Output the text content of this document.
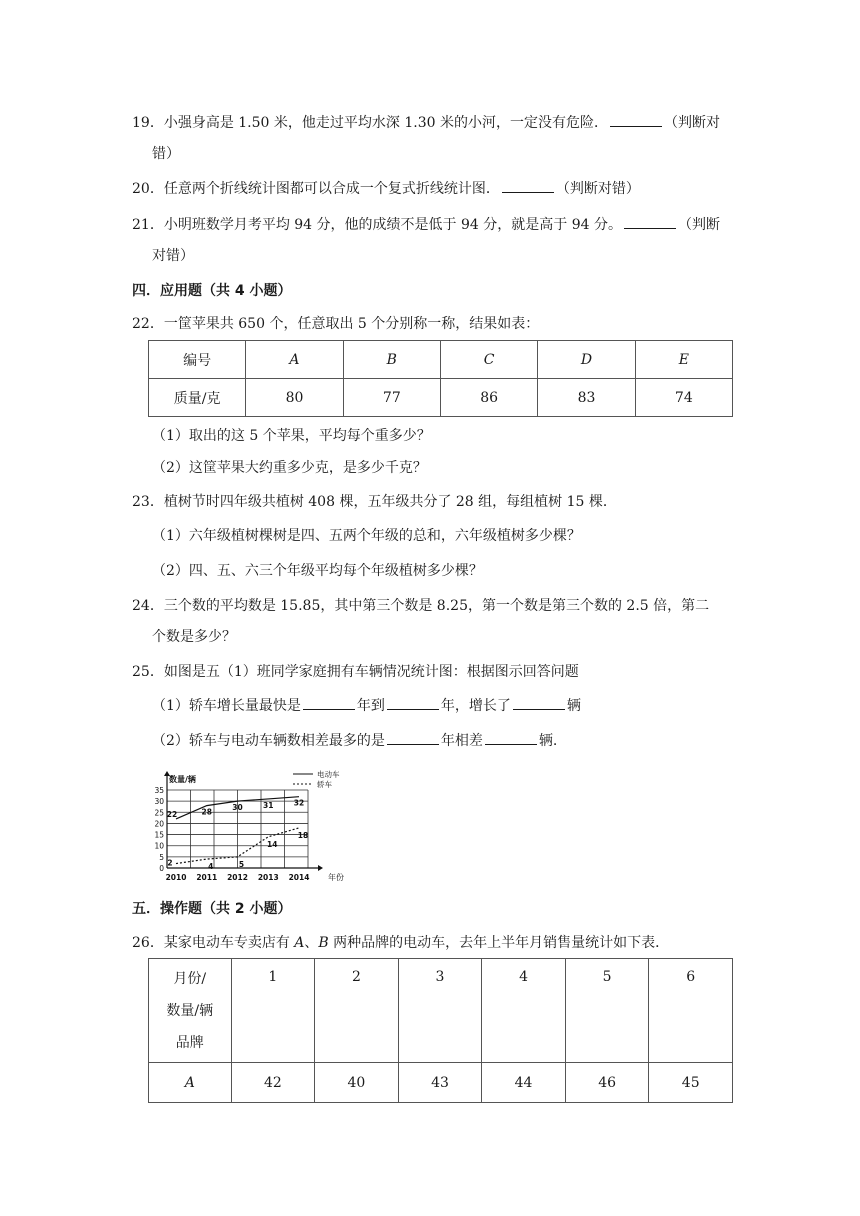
19．小强身高是 1.50 米，他走过平均水深 1.30 米的小河，一定没有危险．	（判断对
错）
20．任意两个折线统计图都可以合成一个复式折线统计图．	（判断对错）
21．小明班数学月考平均 94 分，他的成绩不是低于 94 分，就是高于 94 分。	（判断
对错）
四．应用题（共 4 小题）
22．一筐苹果共 650 个，任意取出 5 个分别称一称，结果如表：
编号	A	B	C	D	E
质量/克	80	77	86	83	74
（1）取出的这 5 个苹果，平均每个重多少？
（2）这筐苹果大约重多少克，是多少千克？
23．植树节时四年级共植树 408 棵，五年级共分了 28 组，每组植树 15 棵．
（1）六年级植树棵树是四、五两个年级的总和，六年级植树多少棵？
（2）四、五、六三个年级平均每个年级植树多少棵？
24．三个数的平均数是 15.85，其中第三个数是 8.25，第一个数是第三个数的 2.5 倍，第二
个数是多少？
25．如图是五（1）班同学家庭拥有车辆情况统计图：根据图示回答问题
（1）轿车增长量最快是	年到	年，增长了	辆
（2）轿车与电动车辆数相差最多的是	年相差	辆.
0
5
10
15
20
25
30
35
数量/辆
年份
2010 2011 2012 2013 2014
22	28	30	31	32
2	4	5
14
18
电动车
轿车
五．操作题（共 2 小题）
26．某家电动车专卖店有 A、B 两种品牌的电动车，去年上半年月销售量统计如下表．
月份/
数量/辆
品牌	1	2	3	4	5	6
A	42	40	43	44	46	45
